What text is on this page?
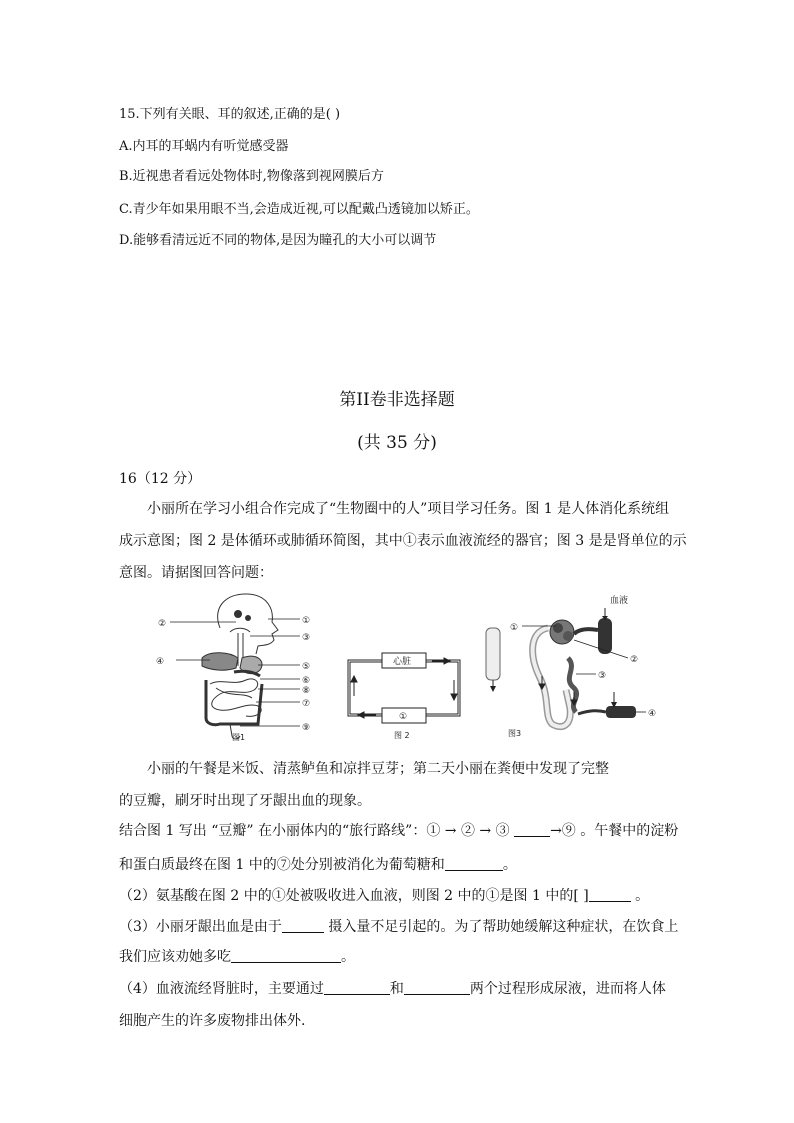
15.下列有关眼、耳的叙述,正确的是( )
A.内耳的耳蜗内有听觉感受器
B.近视患者看远处物体时,物像落到视网膜后方
C.青少年如果用眼不当,会造成近视,可以配戴凸透镜加以矫正。
D.能够看清远近不同的物体,是因为瞳孔的大小可以调节
第II卷非选择题
(共 35 分)
16（12 分）
小丽所在学习小组合作完成了“生物圈中的人”项目学习任务。图 1 是人体消化系统组
成示意图；图 2 是体循环或肺循环简图，其中①表示血液流经的器官；图 3 是是肾单位的示
意图。请据图回答问题：
①
②
③
④	⑤
⑥
⑧
⑦
⑨
图1
心脏
①
图 2
血液
①
②
③
④
图3
小丽的午餐是米饭、清蒸鲈鱼和凉拌豆芽；第二天小丽在粪便中发现了完整
的豆瓣，刷牙时出现了牙龈出血的现象。
结合图 1 写出 “豆瓣” 在小丽体内的“旅行路线”：① → ② → ③	→⑨ 。午餐中的淀粉
和蛋白质最终在图 1 中的⑦处分别被消化为葡萄糖和	。
（2）氨基酸在图 2 中的①处被吸收进入血液，则图 2 中的①是图 1 中的[ ]	。
（3）小丽牙龈出血是由于	摄入量不足引起的。为了帮助她缓解这种症状，在饮食上
我们应该劝她多吃	。
（4）血液流经肾脏时，主要通过	和	两个过程形成尿液，进而将人体
细胞产生的许多废物排出体外.
